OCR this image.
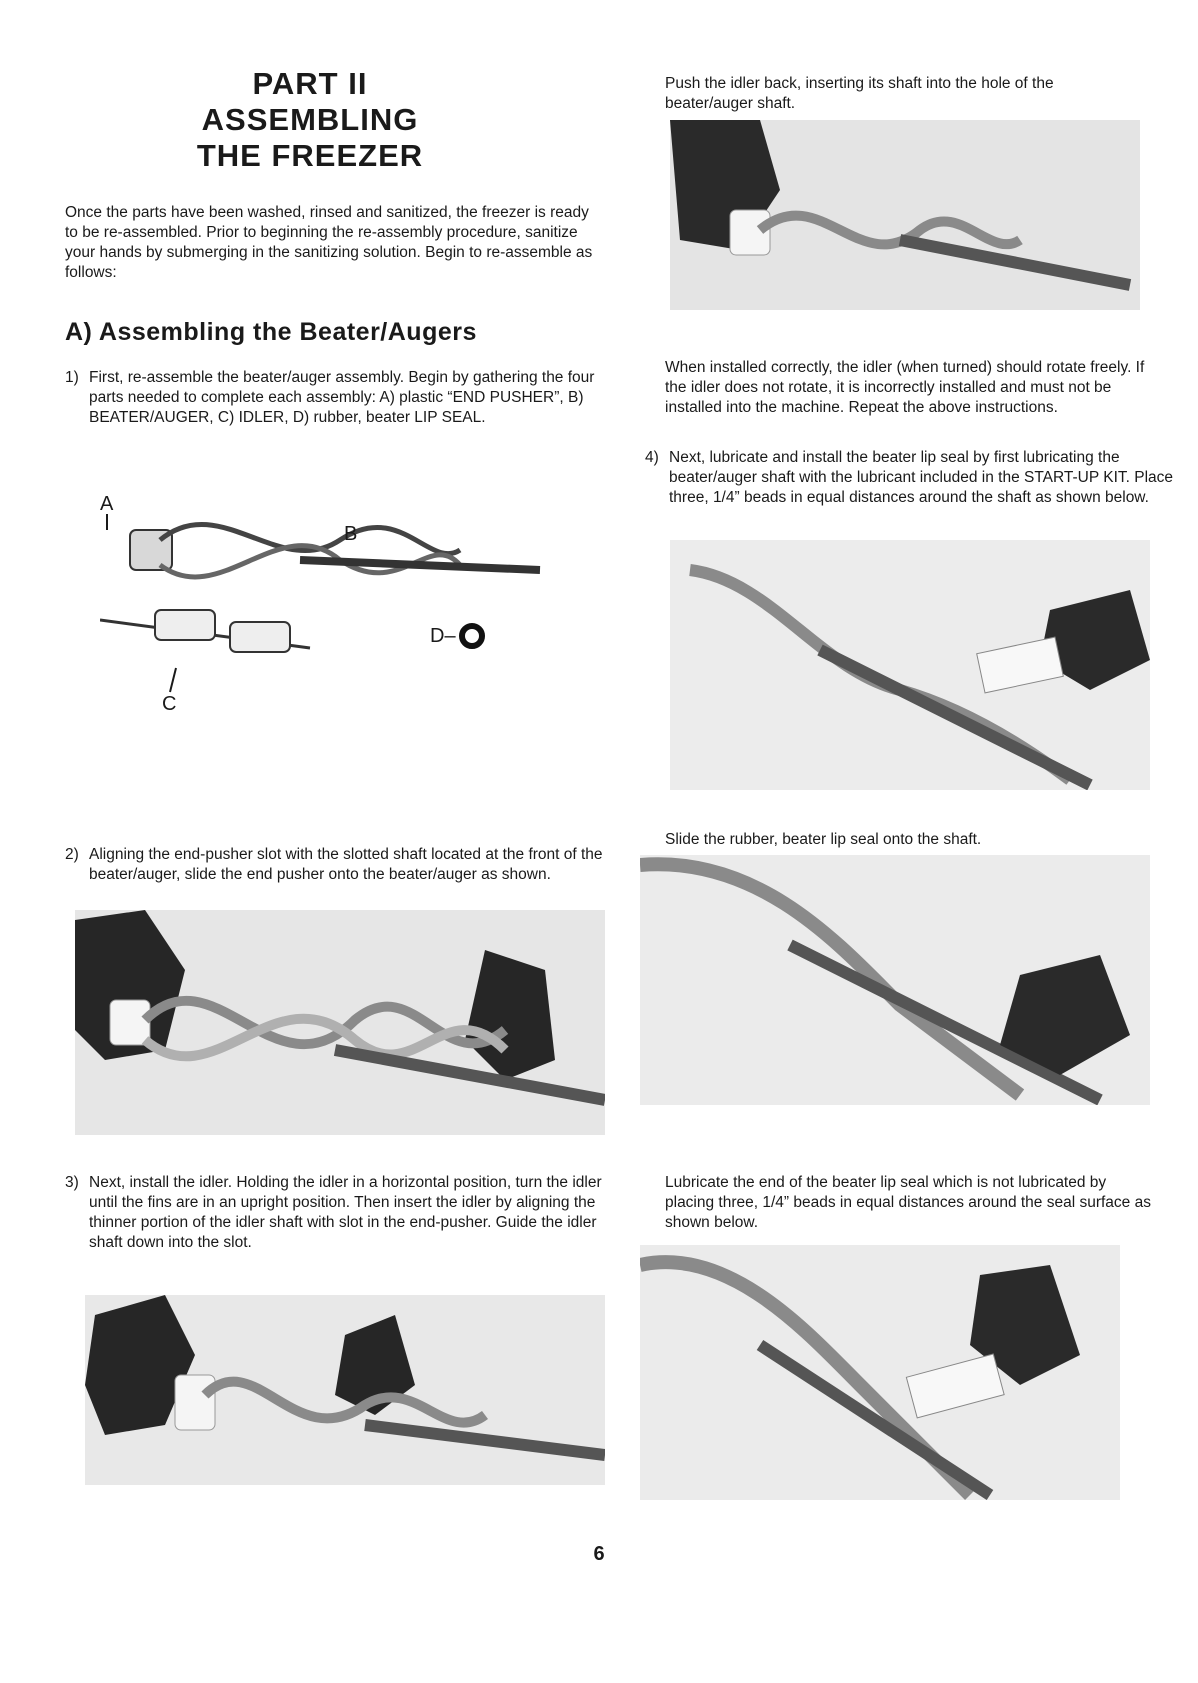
PART II
ASSEMBLING
THE FREEZER

Once the parts have been washed, rinsed and sanitized, the freezer is ready to be re-assembled. Prior to beginning the re-assembly procedure, sanitize your hands by submerging in the sanitizing solution. Begin to re-assemble as follows:

A) Assembling the Beater/Augers

1) First, re-assemble the beater/auger assembly. Begin by gathering the four parts needed to complete each assembly: A) plastic “END PUSHER”, B) BEATER/AUGER, C) IDLER, D) rubber, beater LIP SEAL.

A
B
C
D–

2) Aligning the end-pusher slot with the slotted shaft located at the front of the beater/auger, slide the end pusher onto the beater/auger as shown.

3) Next, install the idler. Holding the idler in a horizontal position, turn the idler until the fins are in an upright position. Then insert the idler by aligning the thinner portion of the idler shaft with slot in the end-pusher. Guide the idler shaft down into the slot.

Push the idler back, inserting its shaft into the hole of the beater/auger shaft.

When installed correctly, the idler (when turned) should rotate freely. If the idler does not rotate, it is incorrectly installed and must not be installed into the machine. Repeat the above instructions.

4) Next, lubricate and install the beater lip seal by first lubricating the beater/auger shaft with the lubricant included in the START-UP KIT. Place three, 1/4” beads in equal distances around the shaft as shown below.

Slide the rubber, beater lip seal onto the shaft.

Lubricate the end of the beater lip seal which is not lubricated by placing three, 1/4” beads in equal distances around the seal surface as shown below.

6
